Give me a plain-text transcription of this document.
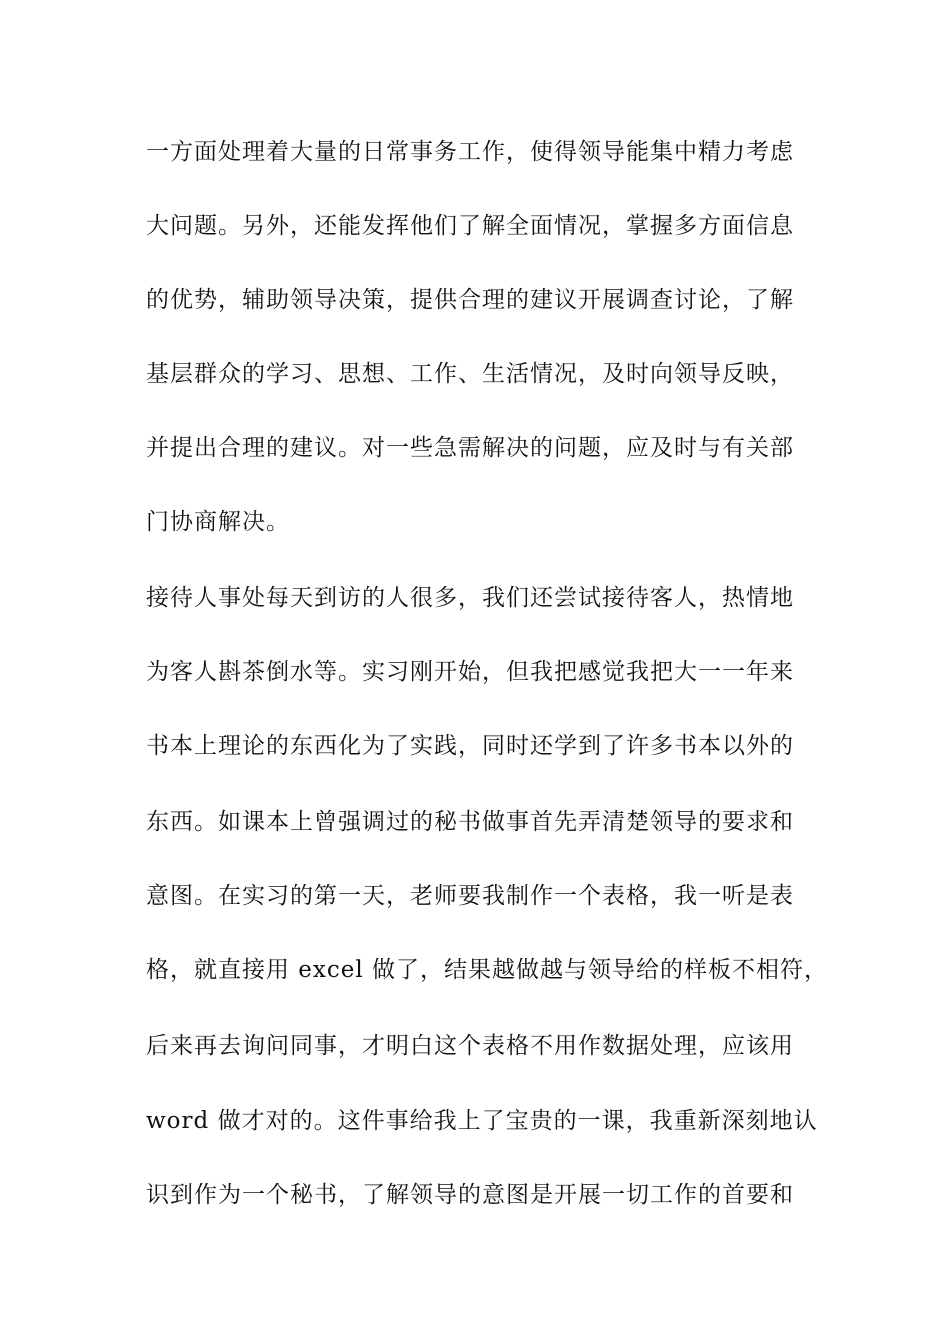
一方面处理着大量的日常事务工作，使得领导能集中精力考虑
大问题。另外，还能发挥他们了解全面情况，掌握多方面信息
的优势，辅助领导决策，提供合理的建议开展调查讨论，了解
基层群众的学习、思想、工作、生活情况，及时向领导反映，
并提出合理的建议。对一些急需解决的问题，应及时与有关部
门协商解决。
接待人事处每天到访的人很多，我们还尝试接待客人，热情地
为客人斟茶倒水等。实习刚开始，但我把感觉我把大一一年来
书本上理论的东西化为了实践，同时还学到了许多书本以外的
东西。如课本上曾强调过的秘书做事首先弄清楚领导的要求和
意图。在实习的第一天，老师要我制作一个表格，我一听是表
格，就直接用 excel 做了，结果越做越与领导给的样板不相符，
后来再去询问同事，才明白这个表格不用作数据处理，应该用
word 做才对的。这件事给我上了宝贵的一课，我重新深刻地认
识到作为一个秘书，了解领导的意图是开展一切工作的首要和
